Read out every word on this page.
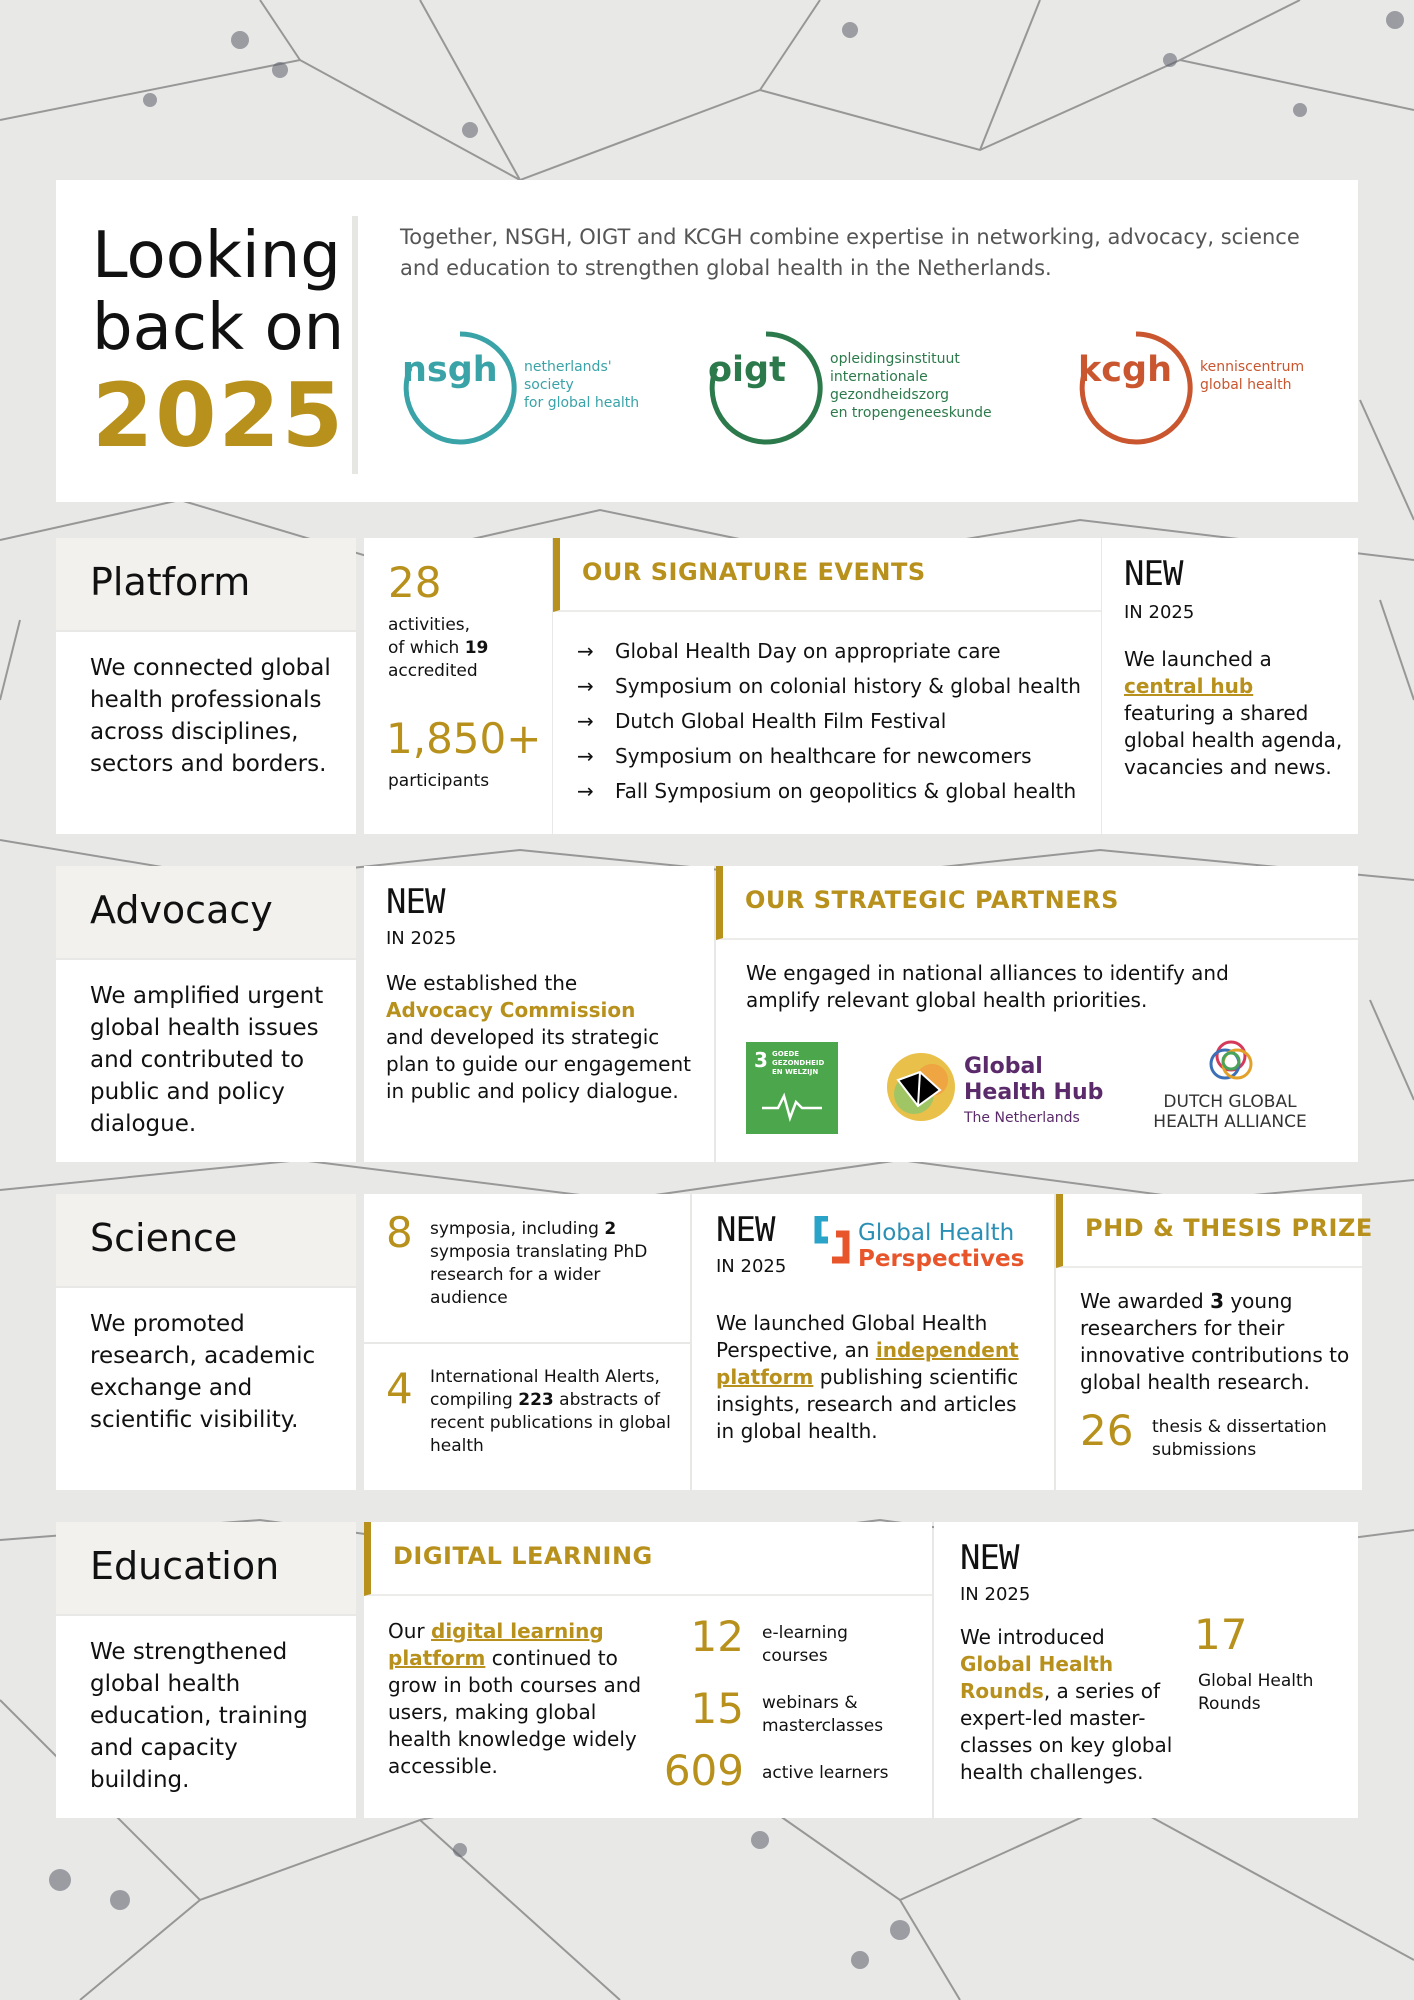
Looking
back on
2025

Together, NSGH, OIGT and KCGH combine expertise in networking, advocacy, science and education to strengthen global health in the Netherlands.

nsgh netherlands' society
for global health
oigt	opleidingsinstituut
internationale gezondheidszorg
en tropengeneeskunde
kcgh kenniscentrum
global health
Platform

We connected global health professionals across disciplines, sectors and borders.

28
activities,
of which 19
accredited
1,850+
participants
OUR SIGNATURE EVENTS
→ Global Health Day on appropriate care
→ Symposium on colonial history & global health
→ Dutch Global Health Film Festival
→ Symposium on healthcare for newcomers
→ Fall Symposium on geopolitics & global health
NEW
IN 2025
We launched a
central hub
featuring a shared global health agenda, vacancies and news.
Advocacy

We amplified urgent global health issues and contributed to public and policy dialogue.

NEW
IN 2025
We established the
Advocacy Commission
and developed its strategic plan to guide our engagement in public and policy dialogue.
OUR STRATEGIC PARTNERS

We engaged in national alliances to identify and amplify relevant global health priorities.

3 GOEDE GEZONDHEID EN WELZIJN	Global
Health Hub
The Netherlands
DUTCH GLOBAL
HEALTH ALLIANCE
Science

We promoted research, academic exchange and scientific visibility.

8 symposia, including 2
symposia translating PhD research for a wider audience
4 International Health Alerts, compiling 223 abstracts of recent publications in global health
NEW
IN 2025
Global Health
Perspectives
We launched Global Health Perspective, an independent platform publishing scientific insights, research and articles in global health.
PHD & THESIS PRIZE
We awarded 3 young researchers for their innovative contributions to global health research.
26 thesis & dissertation submissions
Education

We strengthened global health education, training and capacity building.

DIGITAL LEARNING
Our digital learning platform continued to grow in both courses and users, making global health knowledge widely accessible.
12 e-learning courses
15 webinars & masterclasses
609 active learners
NEW
IN 2025
We introduced
Global Health Rounds, a series of expert-led master-classes on key global health challenges.
17
Global Health Rounds
